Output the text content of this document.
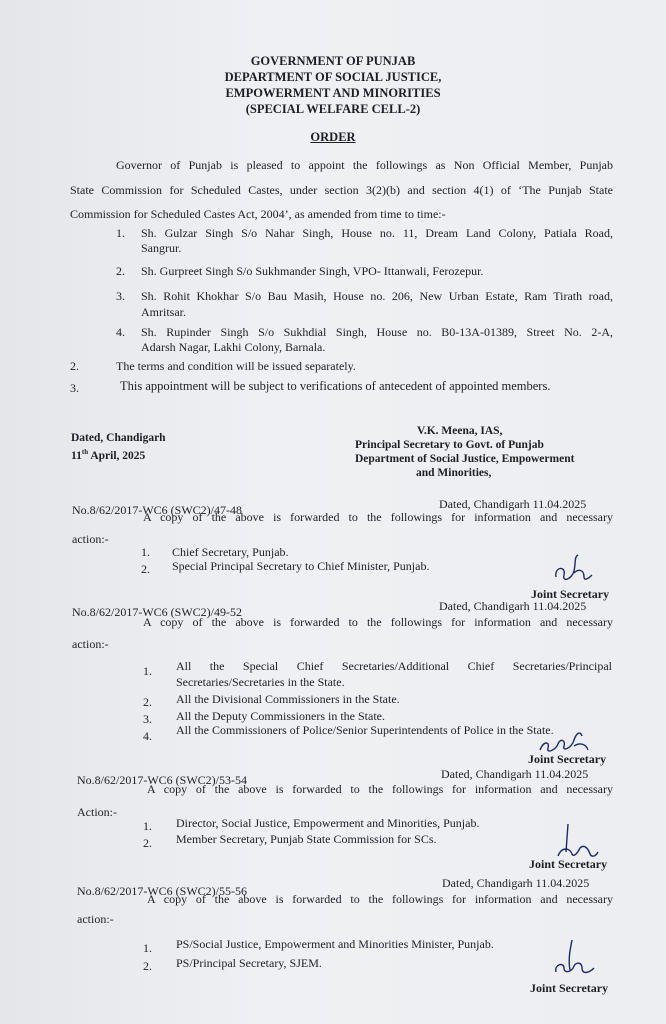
GOVERNMENT OF PUNJAB
DEPARTMENT OF SOCIAL JUSTICE,
EMPOWERMENT AND MINORITIES
(SPECIAL WELFARE CELL-2)
ORDER
Governor of Punjab is pleased to appoint the followings as Non Official Member, Punjab
State Commission for Scheduled Castes, under section 3(2)(b) and section 4(1) of ‘The Punjab State
Commission for Scheduled Castes Act, 2004’, as amended from time to time:-
1. Sh. Gulzar Singh S/o Nahar Singh, House no. 11, Dream Land Colony, Patiala Road,
Sangrur.
2. Sh. Gurpreet Singh S/o Sukhmander Singh, VPO- Ittanwali, Ferozepur.
3. Sh. Rohit Khokhar S/o Bau Masih, House no. 206, New Urban Estate, Ram Tirath road,
Amritsar.
4. Sh. Rupinder Singh S/o Sukhdial Singh, House no. B0-13A-01389, Street No. 2-A,
Adarsh Nagar, Lakhi Colony, Barnala.
2.	The terms and condition will be issued separately.
3.	This appointment will be subject to verifications of antecedent of appointed members.
Dated, Chandigarh
11th April, 2025
V.K. Meena, IAS,
Principal Secretary to Govt. of Punjab
Department of Social Justice, Empowerment
and Minorities,
No.8/62/2017-WC6 (SWC2)/47-48	Dated, Chandigarh 11.04.2025
A copy of the above is forwarded to the followings for information and necessary
action:-
1. Chief Secretary, Punjab.
2. Special Principal Secretary to Chief Minister, Punjab.
Joint Secretary
No.8/62/2017-WC6 (SWC2)/49-52	Dated, Chandigarh 11.04.2025
A copy of the above is forwarded to the followings for information and necessary
action:-
1. All the Special Chief Secretaries/Additional Chief Secretaries/Principal
Secretaries/Secretaries in the State.
2. All the Divisional Commissioners in the State.
3. All the Deputy Commissioners in the State.
4. All the Commissioners of Police/Senior Superintendents of Police in the State.
Joint Secretary
No.8/62/2017-WC6 (SWC2)/53-54	Dated, Chandigarh 11.04.2025
A copy of the above is forwarded to the followings for information and necessary
Action:-
1. Director, Social Justice, Empowerment and Minorities, Punjab.
2. Member Secretary, Punjab State Commission for SCs.
Joint Secretary
No.8/62/2017-WC6 (SWC2)/55-56
Dated, Chandigarh 11.04.2025
A copy of the above is forwarded to the followings for information and necessary
action:-
1. PS/Social Justice, Empowerment and Minorities Minister, Punjab.
2. PS/Principal Secretary, SJEM.
Joint Secretary
